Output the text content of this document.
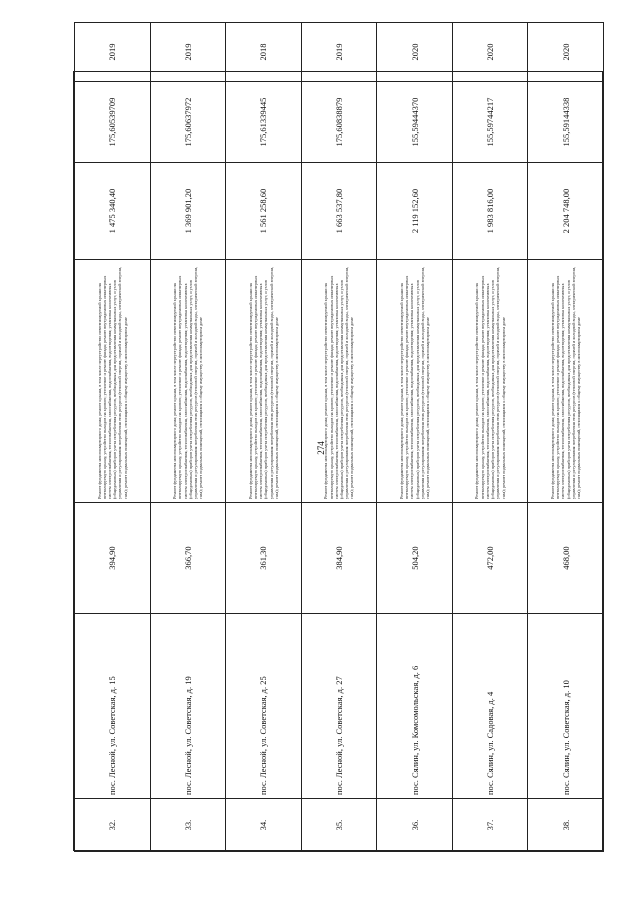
274
32.	пос. Лесной, ул. Советская, д. 15	394,90	Ремонт фундамента многоквартирного дома; ремонт крыши, в том числе переустройство невентилируемой крыши на вентилируемую крышу, устройство выходов на кровлю; утепление и ремонт фасада; ремонт внутридомовых инженерных систем электроснабжения, теплоснабжения, газоснабжения, водоснабжения, водоотведения; установка коллективных (общедомовых) приборов учета потребления ресурсов, необходимых для предоставления коммунальных услуг, и узлов управления и регулирования потребления этих ресурсов (тепловой энергии, горячей и холодной воды, электрической энергии, газа); ремонт подвальных помещений, относящихся к общему имуществу в многоквартирном доме	1 475 340,40	175,60539709	2019
33.	пос. Лесной, ул. Советская, д. 19	366,70	Ремонт фундамента многоквартирного дома; ремонт крыши, в том числе переустройство невентилируемой крыши на вентилируемую крышу, устройство выходов на кровлю; утепление и ремонт фасада; ремонт внутридомовых инженерных систем электроснабжения, теплоснабжения, газоснабжения, водоснабжения, водоотведения; установка коллективных (общедомовых) приборов учета потребления ресурсов, необходимых для предоставления коммунальных услуг, и узлов управления и регулирования потребления этих ресурсов (тепловой энергии, горячей и холодной воды, электрической энергии, газа); ремонт подвальных помещений, относящихся к общему имуществу в многоквартирном доме	1 369 901,20	175,60637972	2019
34.	пос. Лесной, ул. Советская, д. 25	361,30	Ремонт фундамента многоквартирного дома; ремонт крыши, в том числе переустройство невентилируемой крыши на вентилируемую крышу, устройство выходов на кровлю; утепление и ремонт фасада; ремонт внутридомовых инженерных систем электроснабжения, теплоснабжения, газоснабжения, водоснабжения, водоотведения; установка коллективных (общедомовых) приборов учета потребления ресурсов, необходимых для предоставления коммунальных услуг, и узлов управления и регулирования потребления этих ресурсов (тепловой энергии, горячей и холодной воды, электрической энергии, газа); ремонт подвальных помещений, относящихся к общему имуществу в многоквартирном доме	1 561 258,60	175,61339445	2018
35.	пос. Лесной, ул. Советская, д. 27	384,90	Ремонт фундамента многоквартирного дома; ремонт крыши, в том числе переустройство невентилируемой крыши на вентилируемую крышу, устройство выходов на кровлю; утепление и ремонт фасада; ремонт внутридомовых инженерных систем электроснабжения, теплоснабжения, газоснабжения, водоснабжения, водоотведения; установка коллективных (общедомовых) приборов учета потребления ресурсов, необходимых для предоставления коммунальных услуг, и узлов управления и регулирования потребления этих ресурсов (тепловой энергии, горячей и холодной воды, электрической энергии, газа); ремонт подвальных помещений, относящихся к общему имуществу в многоквартирном доме	1 663 537,80	175,60838879	2019
36.	пос. Сялин, ул. Комсомольская, д. 6	504,20	Ремонт фундамента многоквартирного дома; ремонт крыши, в том числе переустройство невентилируемой крыши на вентилируемую крышу, устройство выходов на кровлю; утепление и ремонт фасада; ремонт внутридомовых инженерных систем электроснабжения, теплоснабжения, газоснабжения, водоснабжения, водоотведения; установка коллективных (общедомовых) приборов учета потребления ресурсов, необходимых для предоставления коммунальных услуг, и узлов управления и регулирования потребления этих ресурсов (тепловой энергии, горячей и холодной воды, электрической энергии, газа); ремонт подвальных помещений, относящихся к общему имуществу в многоквартирном доме	2 119 152,60	155,59444370	2020
37.	пос. Сялин, ул. Садовая, д. 4	472,00	Ремонт фундамента многоквартирного дома; ремонт крыши, в том числе переустройство невентилируемой крыши на вентилируемую крышу, устройство выходов на кровлю; утепление и ремонт фасада; ремонт внутридомовых инженерных систем электроснабжения, теплоснабжения, газоснабжения, водоснабжения, водоотведения; установка коллективных (общедомовых) приборов учета потребления ресурсов, необходимых для предоставления коммунальных услуг, и узлов управления и регулирования потребления этих ресурсов (тепловой энергии, горячей и холодной воды, электрической энергии, газа); ремонт подвальных помещений, относящихся к общему имуществу в многоквартирном доме	1 983 816,00	155,59744217	2020
38.	пос. Сялин, ул. Советская, д. 10	468,00	Ремонт фундамента многоквартирного дома; ремонт крыши, в том числе переустройство невентилируемой крыши на вентилируемую крышу, устройство выходов на кровлю; утепление и ремонт фасада; ремонт внутридомовых инженерных систем электроснабжения, теплоснабжения, газоснабжения, водоснабжения, водоотведения; установка коллективных (общедомовых) приборов учета потребления ресурсов, необходимых для предоставления коммунальных услуг, и узлов управления и регулирования потребления этих ресурсов (тепловой энергии, горячей и холодной воды, электрической энергии, газа); ремонт подвальных помещений, относящихся к общему имуществу в многоквартирном доме	2 204 748,00	155,59144338	2020
